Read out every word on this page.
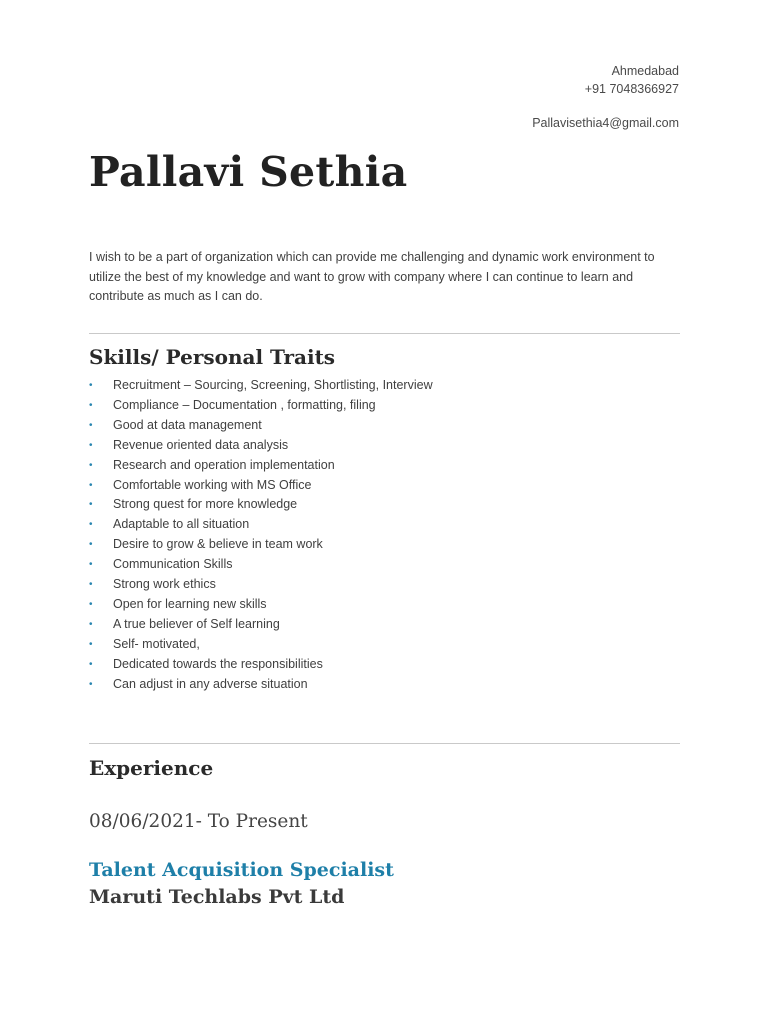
Ahmedabad
+91 7048366927
Pallavisethia4@gmail.com
Pallavi Sethia

I wish to be a part of organization which can provide me challenging and dynamic work environment to utilize the best of my knowledge and want to grow with company where I can continue to learn and contribute as much as I can do.

Skills/ Personal Traits
• Recruitment – Sourcing, Screening, Shortlisting, Interview
• Compliance – Documentation , formatting, filing
• Good at data management
• Revenue oriented data analysis
• Research and operation implementation
• Comfortable working with MS Office
• Strong quest for more knowledge
• Adaptable to all situation
• Desire to grow & believe in team work
• Communication Skills
• Strong work ethics
• Open for learning new skills
• A true believer of Self learning
• Self- motivated,
• Dedicated towards the responsibilities
• Can adjust in any adverse situation
Experience

08/06/2021- To Present

Talent Acquisition Specialist

Maruti Techlabs Pvt Ltd
